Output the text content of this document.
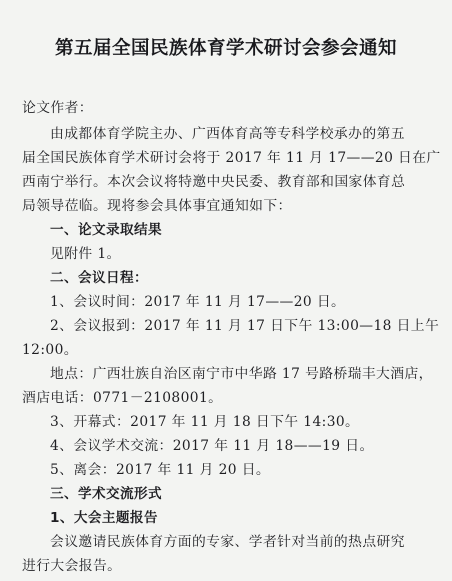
第五届全国民族体育学术研讨会参会通知
论文作者：
由成都体育学院主办、广西体育高等专科学校承办的第五
届全国民族体育学术研讨会将于 2017 年 11 月 17——20 日在广
西南宁举行。本次会议将特邀中央民委、教育部和国家体育总
局领导莅临。现将参会具体事宜通知如下：
一、论文录取结果
见附件 1。
二、会议日程：
1、会议时间：2017 年 11 月 17——20 日。
2、会议报到：2017 年 11 月 17 日下午 13:00—18 日上午
12:00。
地点：广西壮族自治区南宁市中华路 17 号路桥瑞丰大酒店，
酒店电话：0771－2108001。
3、开幕式：2017 年 11 月 18 日下午 14:30。
4、会议学术交流：2017 年 11 月 18——19 日。
5、离会：2017 年 11 月 20 日。
三、学术交流形式
1、大会主题报告
会议邀请民族体育方面的专家、学者针对当前的热点研究
进行大会报告。
